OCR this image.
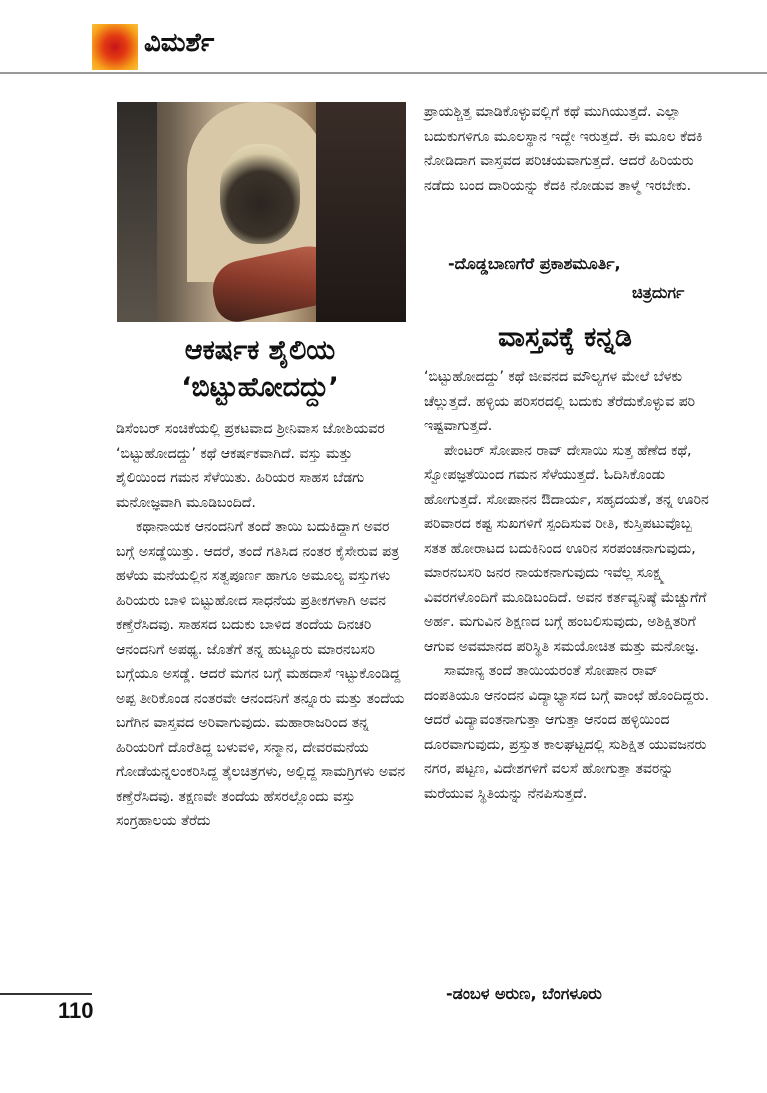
ವಿಮರ್ಶೆ
ಆಕರ್ಷಕ ಶೈಲಿಯ
‘ಬಿಟ್ಟುಹೋದದ್ದು’

ಡಿಸೆಂಬರ್ ಸಂಚಿಕೆಯಲ್ಲಿ ಪ್ರಕಟವಾದ ಶ್ರೀನಿವಾಸ ಜೋಶಿಯವರ ‘ಬಿಟ್ಟುಹೋದದ್ದು’ ಕಥೆ ಆಕರ್ಷಕವಾಗಿದೆ. ವಸ್ತು ಮತ್ತು ಶೈಲಿಯಿಂದ ಗಮನ ಸೆಳೆಯಿತು. ಹಿರಿಯರ ಸಾಹಸ ಬೆಡಗು ಮನೋಜ್ಞವಾಗಿ ಮೂಡಿಬಂದಿದೆ.

ಕಥಾನಾಯಕ ಆನಂದನಿಗೆ ತಂದೆ ತಾಯಿ ಬದುಕಿದ್ದಾಗ ಅವರ ಬಗ್ಗೆ ಅಸಡ್ಡೆಯಿತ್ತು. ಆದರೆ, ತಂದೆ ಗತಿಸಿದ ನಂತರ ಕೈಸೇರುವ ಪತ್ರ ಹಳೆಯ ಮನೆಯಲ್ಲಿನ ಸತ್ವಪೂರ್ಣ ಹಾಗೂ ಅಮೂಲ್ಯ ವಸ್ತುಗಳು ಹಿರಿಯರು ಬಾಳಿ ಬಿಟ್ಟುಹೋದ ಸಾಧನೆಯ ಪ್ರತೀಕಗಳಾಗಿ ಅವನ ಕಣ್ತೆರೆಸಿದವು. ಸಾಹಸದ ಬದುಕು ಬಾಳಿದ ತಂದೆಯ ದಿನಚರಿ ಆನಂದನಿಗೆ ಅಪಥ್ಯ. ಜೊತೆಗೆ ತನ್ನ ಹುಟ್ಟೂರು ಮಾರನಬಸರಿ ಬಗ್ಗೆಯೂ ಅಸಡ್ಡೆ. ಆದರೆ ಮಗನ ಬಗ್ಗೆ ಮಹದಾಸೆ ಇಟ್ಟುಕೊಂಡಿದ್ದ ಅಪ್ಪ ತೀರಿಕೊಂಡ ನಂತರವೇ ಆನಂದನಿಗೆ ತನ್ನೂರು ಮತ್ತು ತಂದೆಯ ಬಗೆಗಿನ ವಾಸ್ತವದ ಅರಿವಾಗುವುದು. ಮಹಾರಾಜರಿಂದ ತನ್ನ ಹಿರಿಯರಿಗೆ ದೊರೆತಿದ್ದ ಬಳುವಳಿ, ಸನ್ಮಾನ, ದೇವರಮನೆಯ ಗೋಡೆಯನ್ನಲಂಕರಿಸಿದ್ದ ತೈಲಚಿತ್ರಗಳು, ಅಲ್ಲಿದ್ದ ಸಾಮಗ್ರಿಗಳು ಅವನ ಕಣ್ತೆರೆಸಿದವು. ತಕ್ಷಣವೇ ತಂದೆಯ ಹೆಸರಲ್ಲೊಂದು ವಸ್ತು ಸಂಗ್ರಹಾಲಯ ತೆರೆದು

ಪ್ರಾಯಶ್ಚಿತ್ತ ಮಾಡಿಕೊಳ್ಳುವಲ್ಲಿಗೆ ಕಥೆ ಮುಗಿಯುತ್ತದೆ. ಎಲ್ಲಾ ಬದುಕುಗಳಿಗೂ ಮೂಲಸ್ಥಾನ ಇದ್ದೇ ಇರುತ್ತದೆ. ಈ ಮೂಲ ಕೆದಕಿ ನೋಡಿದಾಗ ವಾಸ್ತವದ ಪರಿಚಯವಾಗುತ್ತದೆ. ಆದರೆ ಹಿರಿಯರು ನಡೆದು ಬಂದ ದಾರಿಯನ್ನು ಕೆದಕಿ ನೋಡುವ ತಾಳ್ಮೆ ಇರಬೇಕು.

-ದೊಡ್ಡಬಾಣಗೆರೆ ಪ್ರಕಾಶಮೂರ್ತಿ,
ಚಿತ್ರದುರ್ಗ
ವಾಸ್ತವಕ್ಕೆ ಕನ್ನಡಿ

‘ಬಿಟ್ಟುಹೋದದ್ದು’ ಕಥೆ ಜೀವನದ ಮೌಲ್ಯಗಳ ಮೇಲೆ ಬೆಳಕು ಚೆಲ್ಲುತ್ತದೆ. ಹಳ್ಳಿಯ ಪರಿಸರದಲ್ಲಿ ಬದುಕು ತೆರೆದುಕೊಳ್ಳುವ ಪರಿ ಇಷ್ಟವಾಗುತ್ತದೆ.

ಪೇಂಟರ್ ಸೋಪಾನ ರಾವ್ ದೇಸಾಯಿ ಸುತ್ತ ಹೆಣೆದ ಕಥೆ, ಸ್ವೋಪಜ್ಞತೆಯಿಂದ ಗಮನ ಸೆಳೆಯುತ್ತದೆ. ಓದಿಸಿಕೊಂಡು ಹೋಗುತ್ತದೆ. ಸೋಪಾನನ ಔದಾರ್ಯ, ಸಹೃದಯತೆ, ತನ್ನ ಊರಿನ ಪರಿವಾರದ ಕಷ್ಟ ಸುಖಗಳಿಗೆ ಸ್ಪಂದಿಸುವ ರೀತಿ, ಕುಸ್ತಿಪಟುವೊಬ್ಬ ಸತತ ಹೋರಾಟದ ಬದುಕಿನಿಂದ ಊರಿನ ಸರಪಂಚನಾಗುವುದು, ಮಾರನಬಸರಿ ಜನರ ನಾಯಕನಾಗುವುದು ಇವೆಲ್ಲ ಸೂಕ್ಷ್ಮ ವಿವರಗಳೊಂದಿಗೆ ಮೂಡಿಬಂದಿದೆ. ಅವನ ಕರ್ತವ್ಯನಿಷ್ಠೆ ಮೆಚ್ಚುಗೆಗೆ ಅರ್ಹ. ಮಗುವಿನ ಶಿಕ್ಷಣದ ಬಗ್ಗೆ ಹಂಬಲಿಸುವುದು, ಅಶಿಕ್ಷಿತರಿಗೆ ಆಗುವ ಅವಮಾನದ ಪರಿಸ್ಥಿತಿ ಸಮಯೋಚಿತ ಮತ್ತು ಮನೋಜ್ಞ.

ಸಾಮಾನ್ಯ ತಂದೆ ತಾಯಿಯರಂತೆ ಸೋಪಾನ ರಾವ್ ದಂಪತಿಯೂ ಆನಂದನ ವಿದ್ಯಾಭ್ಯಾಸದ ಬಗ್ಗೆ ವಾಂಛೆ ಹೊಂದಿದ್ದರು. ಆದರೆ ವಿದ್ಯಾವಂತನಾಗುತ್ತಾ ಆಗುತ್ತಾ ಆನಂದ ಹಳ್ಳಿಯಿಂದ ದೂರವಾಗುವುದು, ಪ್ರಸ್ತುತ ಕಾಲಘಟ್ಟದಲ್ಲಿ ಸುಶಿಕ್ಷಿತ ಯುವಜನರು ನಗರ, ಪಟ್ಟಣ, ವಿದೇಶಗಳಿಗೆ ವಲಸೆ ಹೋಗುತ್ತಾ ತವರನ್ನು ಮರೆಯುವ ಸ್ಥಿತಿಯನ್ನು ನೆನಪಿಸುತ್ತದೆ.

-ಡಂಬಳ ಅರುಣ, ಬೆಂಗಳೂರು
110
